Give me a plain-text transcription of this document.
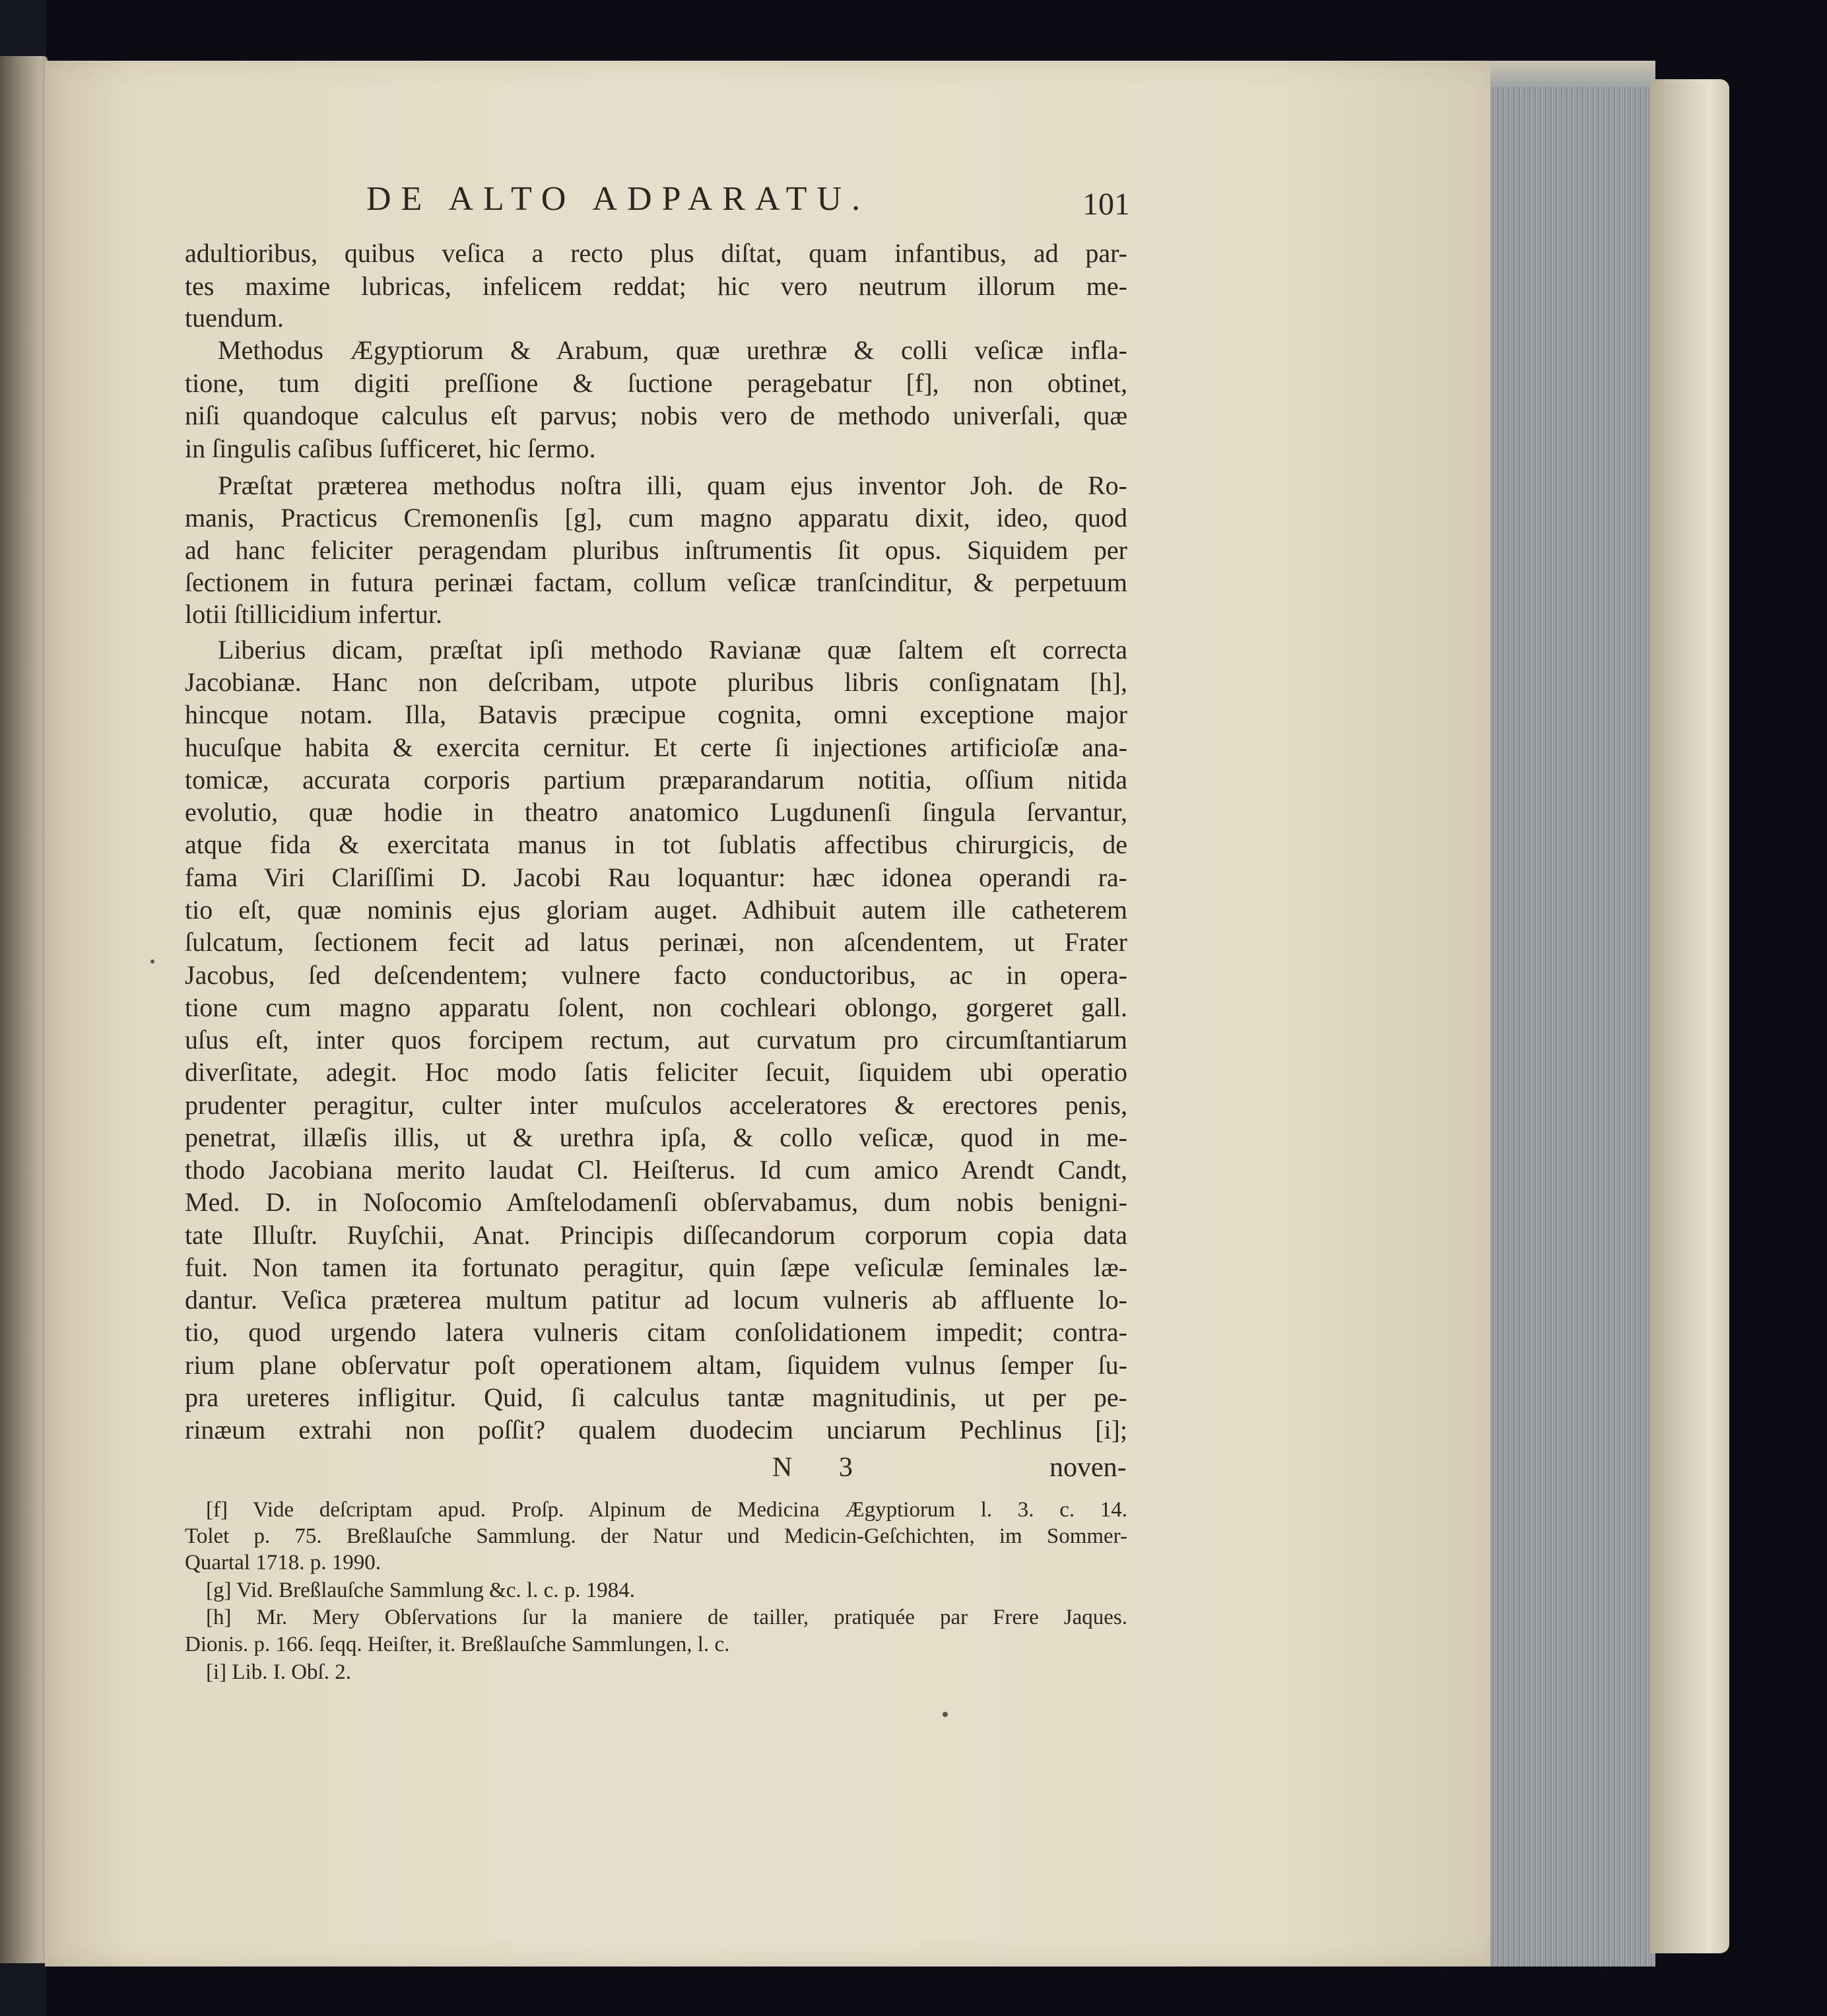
DE ALTO ADPARATU.	101
adultioribus, quibus veſica a recto plus diſtat, quam infantibus, ad par-
tes maxime lubricas, infelicem reddat; hic vero neutrum illorum me-
tuendum.
Methodus Ægyptiorum & Arabum, quæ urethræ & colli veſicæ infla-
tione, tum digiti preſſione & ſuctione peragebatur [f], non obtinet,
niſi quandoque calculus eſt parvus; nobis vero de methodo univerſali, quæ
in ſingulis caſibus ſufficeret, hic ſermo.
Præſtat præterea methodus noſtra illi, quam ejus inventor Joh. de Ro-
manis, Practicus Cremonenſis [g], cum magno apparatu dixit, ideo, quod
ad hanc feliciter peragendam pluribus inſtrumentis ſit opus. Siquidem per
ſectionem in futura perinæi factam, collum veſicæ tranſcinditur, & perpetuum
lotii ſtillicidium infertur.
Liberius dicam, præſtat ipſi methodo Ravianæ quæ ſaltem eſt correcta
Jacobianæ. Hanc non deſcribam, utpote pluribus libris conſignatam [h],
hincque notam. Illa, Batavis præcipue cognita, omni exceptione major
hucuſque habita & exercita cernitur. Et certe ſi injectiones artificioſæ ana-
tomicæ, accurata corporis partium præparandarum notitia, oſſium nitida
evolutio, quæ hodie in theatro anatomico Lugdunenſi ſingula ſervantur,
atque fida & exercitata manus in tot ſublatis affectibus chirurgicis, de
fama Viri Clariſſimi D. Jacobi Rau loquantur: hæc idonea operandi ra-
tio eſt, quæ nominis ejus gloriam auget. Adhibuit autem ille catheterem
ſulcatum, ſectionem fecit ad latus perinæi, non aſcendentem, ut Frater
Jacobus, ſed deſcendentem; vulnere facto conductoribus, ac in opera-
tione cum magno apparatu ſolent, non cochleari oblongo, gorgeret gall.
uſus eſt, inter quos forcipem rectum, aut curvatum pro circumſtantiarum
diverſitate, adegit. Hoc modo ſatis feliciter ſecuit, ſiquidem ubi operatio
prudenter peragitur, culter inter muſculos acceleratores & erectores penis,
penetrat, illæſis illis, ut & urethra ipſa, & collo veſicæ, quod in me-
thodo Jacobiana merito laudat Cl. Heiſterus. Id cum amico Arendt Candt,
Med. D. in Noſocomio Amſtelodamenſi obſervabamus, dum nobis benigni-
tate Illuſtr. Ruyſchii, Anat. Principis diſſecandorum corporum copia data
fuit. Non tamen ita fortunato peragitur, quin ſæpe veſiculæ ſeminales læ-
dantur. Veſica præterea multum patitur ad locum vulneris ab affluente lo-
tio, quod urgendo latera vulneris citam conſolidationem impedit; contra-
rium plane obſervatur poſt operationem altam, ſiquidem vulnus ſemper ſu-
pra ureteres infligitur. Quid, ſi calculus tantæ magnitudinis, ut per pe-
rinæum extrahi non poſſit? qualem duodecim unciarum Pechlinus [i];
N 3	noven-
[f] Vide deſcriptam apud. Proſp. Alpinum de Medicina Ægyptiorum l. 3. c. 14.
Tolet p. 75. Breßlauſche Sammlung. der Natur und Medicin-Geſchichten, im Sommer-
Quartal 1718. p. 1990.
[g] Vid. Breßlauſche Sammlung &c. l. c. p. 1984.
[h] Mr. Mery Obſervations ſur la maniere de tailler, pratiquée par Frere Jaques.
Dionis. p. 166. ſeqq. Heiſter, it. Breßlauſche Sammlungen, l. c.
[i] Lib. I. Obſ. 2.
